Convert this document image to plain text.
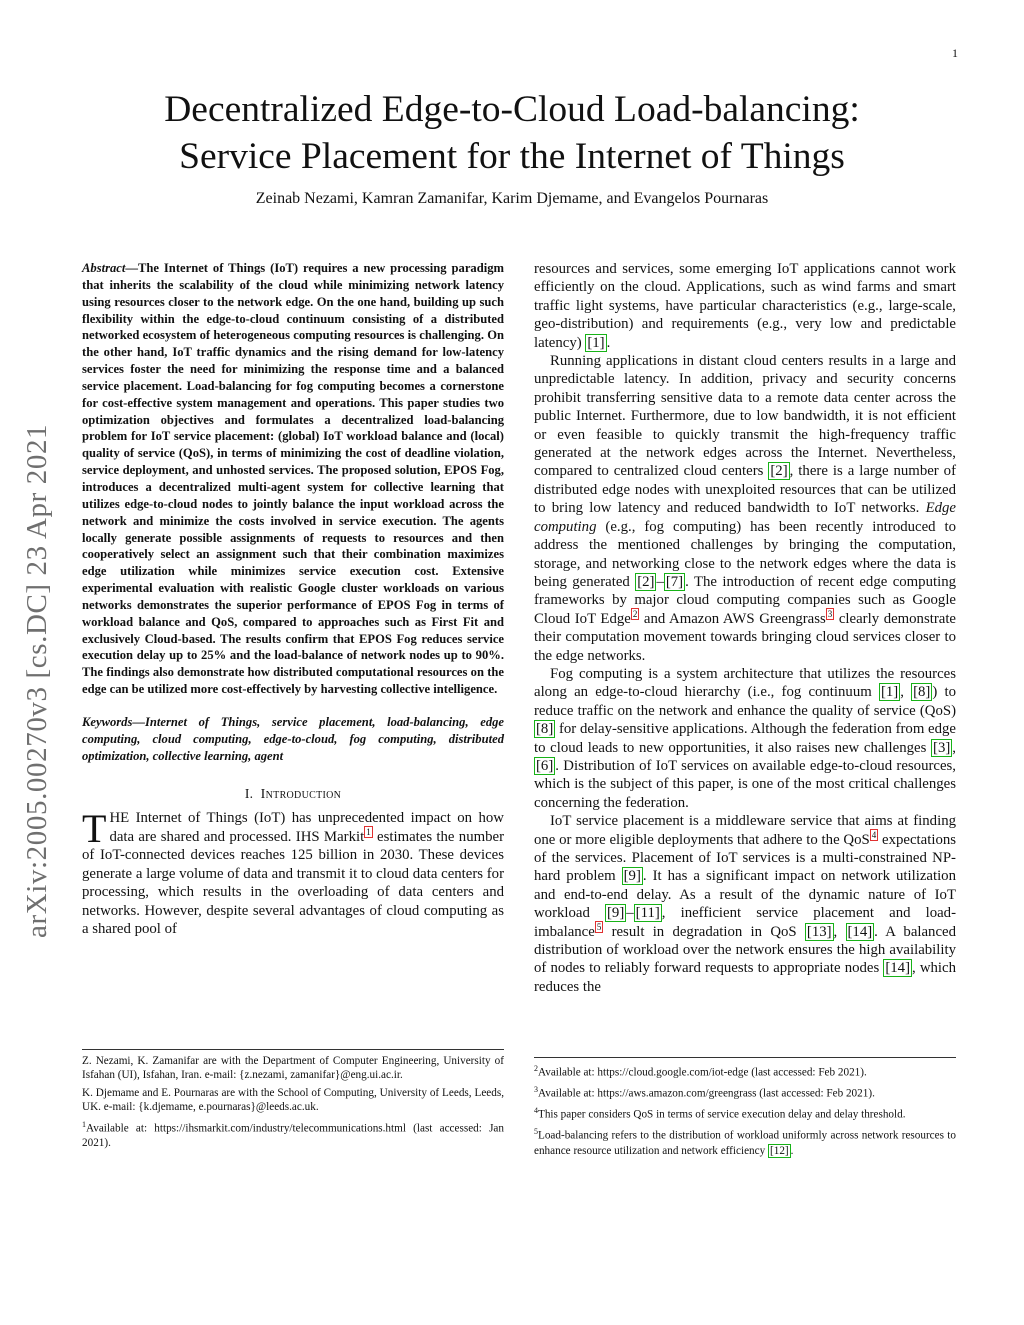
1
arXiv:2005.00270v3 [cs.DC] 23 Apr 2021
Decentralized Edge-to-Cloud Load-balancing:
Service Placement for the Internet of Things
Zeinab Nezami, Kamran Zamanifar, Karim Djemame, and Evangelos Pournaras

Abstract—The Internet of Things (IoT) requires a new processing paradigm that inherits the scalability of the cloud while minimizing network latency using resources closer to the network edge. On the one hand, building up such flexibility within the edge-to-cloud continuum consisting of a distributed networked ecosystem of heterogeneous computing resources is challenging. On the other hand, IoT traffic dynamics and the rising demand for low-latency services foster the need for minimizing the response time and a balanced service placement. Load-balancing for fog computing becomes a cornerstone for cost-effective system management and operations. This paper studies two optimization objectives and formulates a decentralized load-balancing problem for IoT service placement: (global) IoT workload balance and (local) quality of service (QoS), in terms of minimizing the cost of deadline violation, service deployment, and unhosted services. The proposed solution, EPOS Fog, introduces a decentralized multi-agent system for collective learning that utilizes edge-to-cloud nodes to jointly balance the input workload across the network and minimize the costs involved in service execution. The agents locally generate possible assignments of requests to resources and then cooperatively select an assignment such that their combination maximizes edge utilization while minimizes service execution cost. Extensive experimental evaluation with realistic Google cluster workloads on various networks demonstrates the superior performance of EPOS Fog in terms of workload balance and QoS, compared to approaches such as First Fit and exclusively Cloud-based. The results confirm that EPOS Fog reduces service execution delay up to 25% and the load-balance of network nodes up to 90%. The findings also demonstrate how distributed computational resources on the edge can be utilized more cost-effectively by harvesting collective intelligence.

Keywords—Internet of Things, service placement, load-balancing, edge computing, cloud computing, edge-to-cloud, fog computing, distributed optimization, collective learning, agent

I. Introduction

THE Internet of Things (IoT) has unprecedented impact on how data are shared and processed. IHS Markit $^1$ estimates the number of IoT-connected devices reaches 125 billion in 2030. These devices generate a large volume of data and transmit it to cloud data centers for processing, which results in the overloading of data centers and networks. However, despite several advantages of cloud computing as a shared pool of

resources and services, some emerging IoT applications cannot work efficiently on the cloud. Applications, such as wind farms and smart traffic light systems, have particular characteristics (e.g., large-scale, geo-distribution) and requirements (e.g., very low and predictable latency) [1] .

Running applications in distant cloud centers results in a large and unpredictable latency. In addition, privacy and security concerns prohibit transferring sensitive data to a remote data center across the public Internet. Furthermore, due to low bandwidth, it is not efficient or even feasible to quickly transmit the high-frequency traffic generated at the network edges across the Internet. Nevertheless, compared to centralized cloud centers [2] , there is a large number of distributed edge nodes with unexploited resources that can be utilized to bring low latency and reduced bandwidth to IoT networks. Edge computing (e.g., fog computing) has been recently introduced to address the mentioned challenges by bringing the computation, storage, and networking close to the network edges where the data is being generated [2] – [7] . The introduction of recent edge computing frameworks by major cloud computing companies such as Google Cloud IoT Edge $^2$ and Amazon AWS Greengrass $^3$ clearly demonstrate their computation movement towards bringing cloud services closer to the edge networks.

Fog computing is a system architecture that utilizes the resources along an edge-to-cloud hierarchy (i.e., fog continuum [1] , [8] ) to reduce traffic on the network and enhance the quality of service (QoS) [8] for delay-sensitive applications. Although the federation from edge to cloud leads to new opportunities, it also raises new challenges [3] , [6] . Distribution of IoT services on available edge-to-cloud resources, which is the subject of this paper, is one of the most critical challenges concerning the federation.

IoT service placement is a middleware service that aims at finding one or more eligible deployments that adhere to the QoS $^4$ expectations of the services. Placement of IoT services is a multi-constrained NP-hard problem [9] . It has a significant impact on network utilization and end-to-end delay. As a result of the dynamic nature of IoT workload [9] – [11] , inefficient service placement and load-imbalance $^5$ result in degradation in QoS [13] , [14] . A balanced distribution of workload over the network ensures the high availability of nodes to reliably forward requests to appropriate nodes [14] , which reduces the

Z. Nezami, K. Zamanifar are with the Department of Computer Engineering, University of Isfahan (UI), Isfahan, Iran. e-mail: {z.nezami, zamanifar}@eng.ui.ac.ir.

K. Djemame and E. Pournaras are with the School of Computing, University of Leeds, Leeds, UK. e-mail: {k.djemame, e.pournaras}@leeds.ac.uk.

$^1$Available at: https://ihsmarkit.com/industry/telecommunications.html (last accessed: Jan 2021).

$^2$Available at: https://cloud.google.com/iot-edge (last accessed: Feb 2021).

$^3$Available at: https://aws.amazon.com/greengrass (last accessed: Feb 2021).

$^4$This paper considers QoS in terms of service execution delay and delay threshold.

$^5$Load-balancing refers to the distribution of workload uniformly across network resources to enhance resource utilization and network efficiency [12] .
